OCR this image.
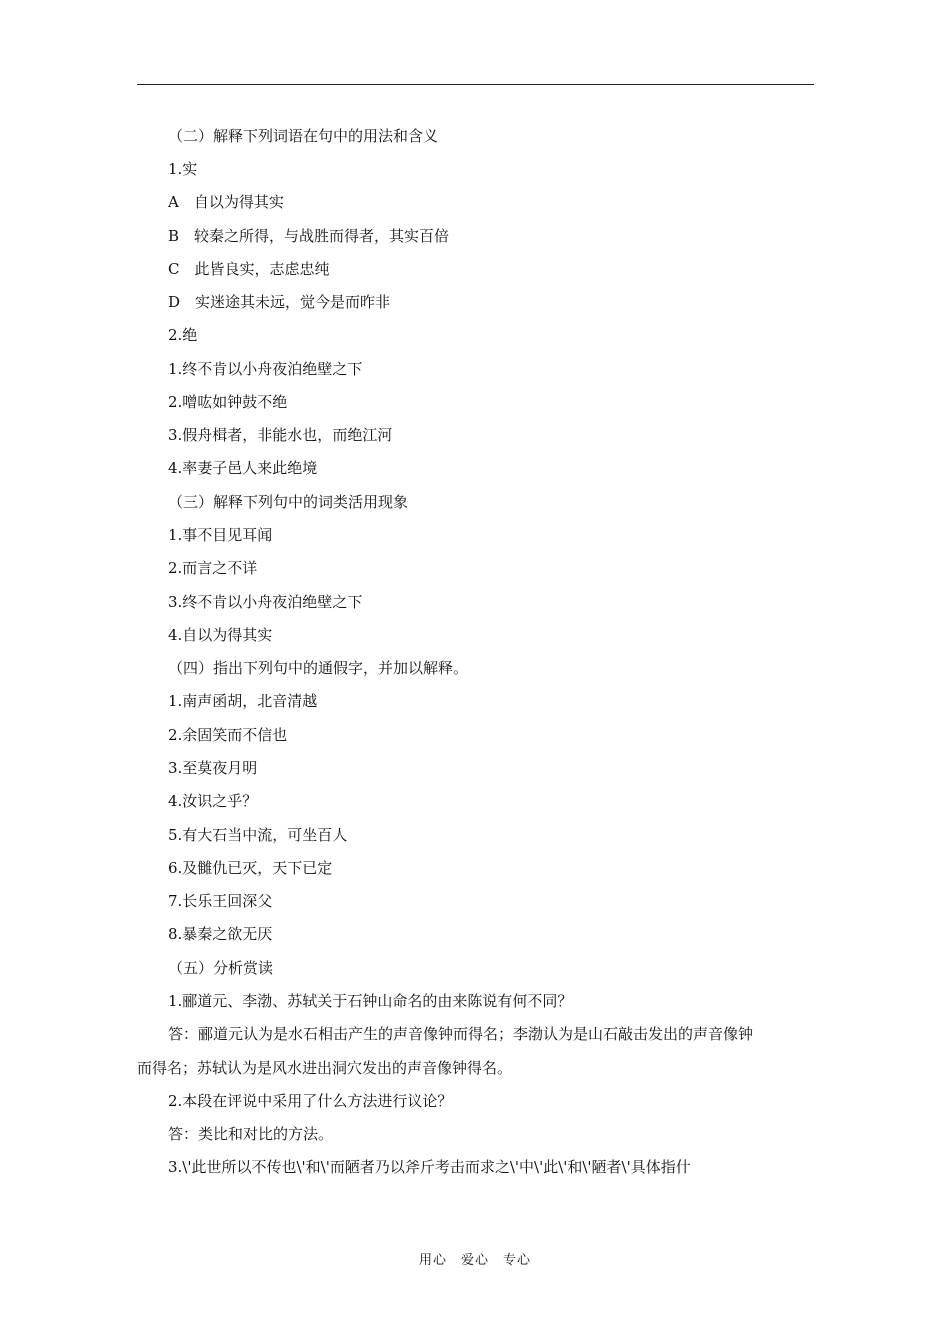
（二）解释下列词语在句中的用法和含义
1.实
A　自以为得其实
B　较秦之所得，与战胜而得者，其实百倍
C　此皆良实，志虑忠纯
D　实迷途其未远，觉今是而昨非
2.绝
1.终不肯以小舟夜泊绝壁之下
2.噌吰如钟鼓不绝
3.假舟楫者，非能水也，而绝江河
4.率妻子邑人来此绝境
（三）解释下列句中的词类活用现象
1.事不目见耳闻
2.而言之不详
3.终不肯以小舟夜泊绝壁之下
4.自以为得其实
（四）指出下列句中的通假字，并加以解释。
1.南声函胡，北音清越
2.余固笑而不信也
3.至莫夜月明
4.汝识之乎？
5.有大石当中流，可坐百人
6.及雠仇已灭，天下已定
7.长乐王回深父
8.暴秦之欲无厌
（五）分析赏读
1.郦道元、李渤、苏轼关于石钟山命名的由来陈说有何不同？
答：郦道元认为是水石相击产生的声音像钟而得名；李渤认为是山石敲击发出的声音像钟
而得名；苏轼认为是风水进出洞穴发出的声音像钟得名。
2.本段在评说中采用了什么方法进行议论？
答：类比和对比的方法。
3.\'此世所以不传也\'和\'而陋者乃以斧斤考击而求之\'中\'此\'和\'陋者\'具体指什
用心　爱心　专心
